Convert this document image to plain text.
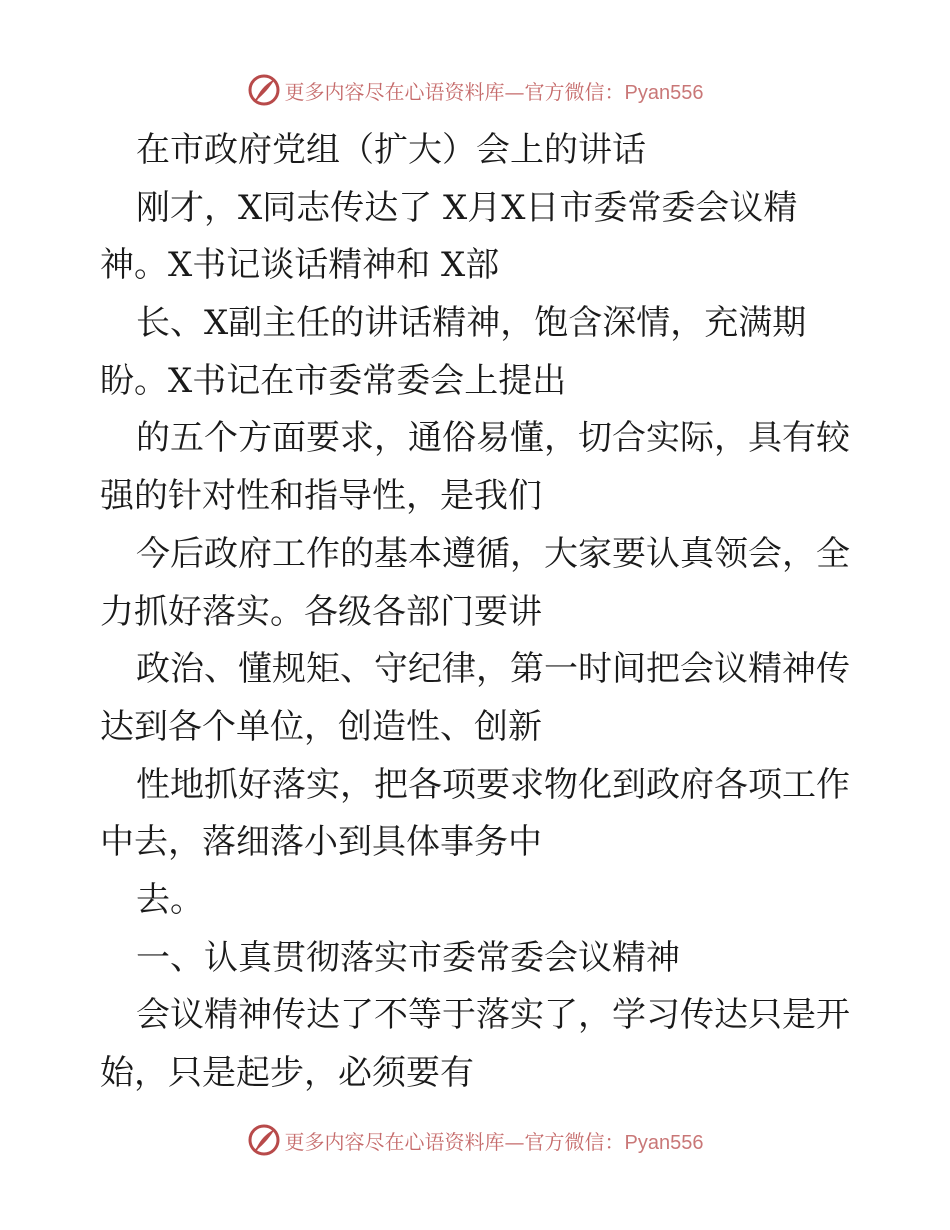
更多内容尽在心语资料库—官方微信：Pyan556
在市政府党组（扩大）会上的讲话
刚才，X同志传达了 X月X日市委常委会议精
神。X书记谈话精神和 X部
长、X副主任的讲话精神，饱含深情，充满期
盼。X书记在市委常委会上提出
的五个方面要求，通俗易懂，切合实际，具有较
强的针对性和指导性，是我们
今后政府工作的基本遵循，大家要认真领会，全
力抓好落实。各级各部门要讲
政治、懂规矩、守纪律，第一时间把会议精神传
达到各个单位，创造性、创新
性地抓好落实，把各项要求物化到政府各项工作
中去，落细落小到具体事务中
去。
一、认真贯彻落实市委常委会议精神
会议精神传达了不等于落实了，学习传达只是开
始，只是起步，必须要有
更多内容尽在心语资料库—官方微信：Pyan556
